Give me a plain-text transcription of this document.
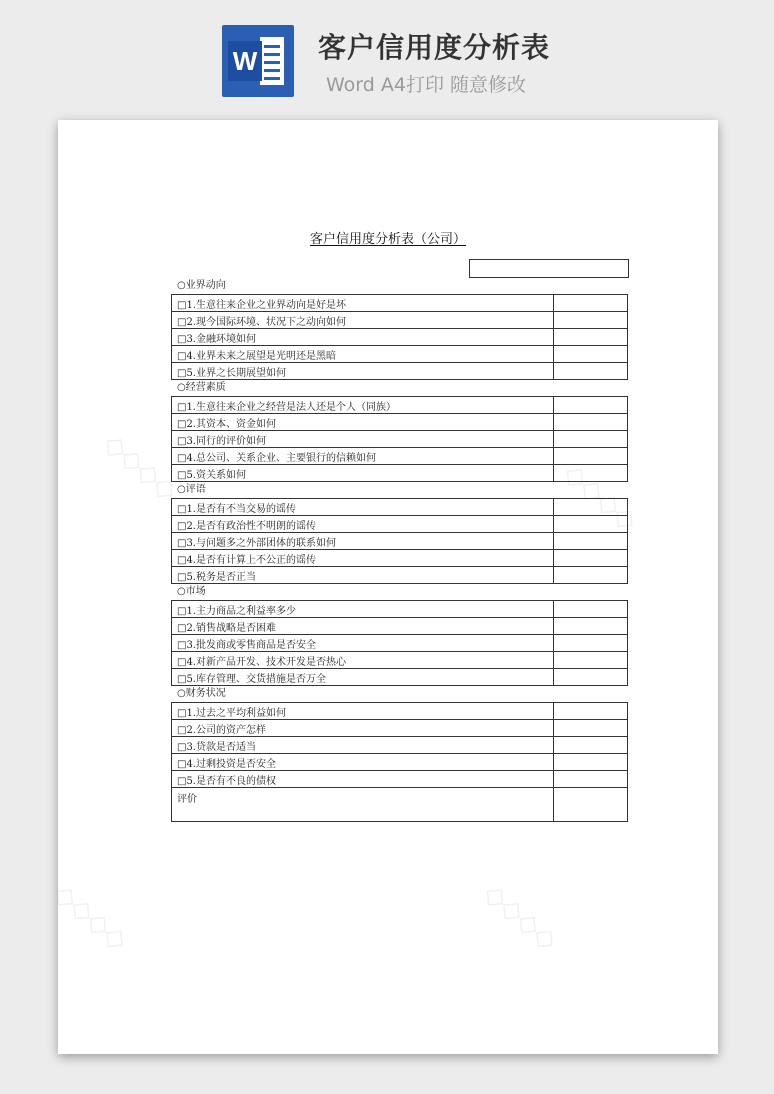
W 客户信用度分析表
Word A4打印 随意修改
◇◇◇◇	◇◇◇◇
◇◇◇◇	◇◇◇◇
客户信用度分析表（公司）
○业界动向
□1.生意往来企业之业界动向是好是坏	
□2.现今国际环境、状况下之动向如何	
□3.金融环境如何	
□4.业界未来之展望是光明还是黑暗	
□5.业界之长期展望如何	
○经营素质
□1.生意往来企业之经营是法人还是个人（同族）	
□2.其资本、资金如何	
□3.同行的评价如何	
□4.总公司、关系企业、主要银行的信赖如何	
□5.资关系如何	
○评语
□1.是否有不当交易的谣传	
□2.是否有政治性不明朗的谣传	
□3.与问题多之外部团体的联系如何	
□4.是否有计算上不公正的谣传	
□5.税务是否正当	
○市场
□1.主力商品之利益率多少	
□2.销售战略是否困难	
□3.批发商或零售商品是否安全	
□4.对新产品开发、技术开发是否热心	
□5.库存管理、交货措施是否万全	
○财务状况
□1.过去之平均利益如何	
□2.公司的资产怎样	
□3.贷款是否适当	
□4.过剩投资是否安全	
□5.是否有不良的债权	
评价	
